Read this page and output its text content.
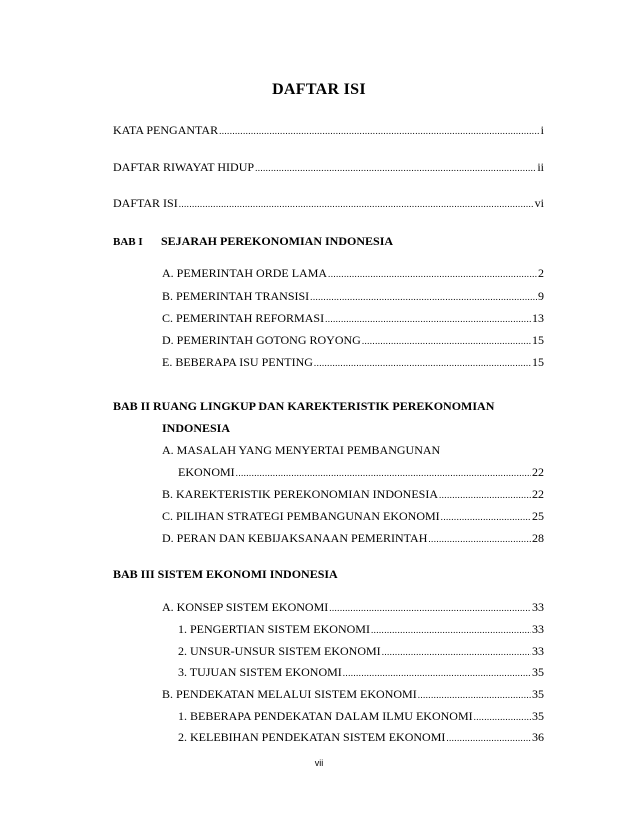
DAFTAR ISI
KATA PENGANTAR .....	i
DAFTAR RIWAYAT HIDUP .....	ii
DAFTAR ISI .....	vi
BAB I SEJARAH PEREKONOMIAN INDONESIA
A. PEMERINTAH ORDE LAMA .....	2
B. PEMERINTAH TRANSISI .....	9
C. PEMERINTAH REFORMASI .....	13
D. PEMERINTAH GOTONG ROYONG .....	15
E. BEBERAPA ISU PENTING .....	15
BAB II RUANG LINGKUP DAN KAREKTERISTIK PEREKONOMIAN
INDONESIA
A. MASALAH YANG MENYERTAI PEMBANGUNAN
EKONOMI .....	22
B. KAREKTERISTIK PEREKONOMIAN INDONESIA .....	22
C. PILIHAN STRATEGI PEMBANGUNAN EKONOMI .....	25
D. PERAN DAN KEBIJAKSANAAN PEMERINTAH .....	28
BAB III SISTEM EKONOMI INDONESIA
A. KONSEP SISTEM EKONOMI .....	33
1. PENGERTIAN SISTEM EKONOMI .....	33
2. UNSUR-UNSUR SISTEM EKONOMI .....	33
3. TUJUAN SISTEM EKONOMI .....	35
B. PENDEKATAN MELALUI SISTEM EKONOMI .....	35
1. BEBERAPA PENDEKATAN DALAM ILMU EKONOMI .....	35
2. KELEBIHAN PENDEKATAN SISTEM EKONOMI .....	36
vii
